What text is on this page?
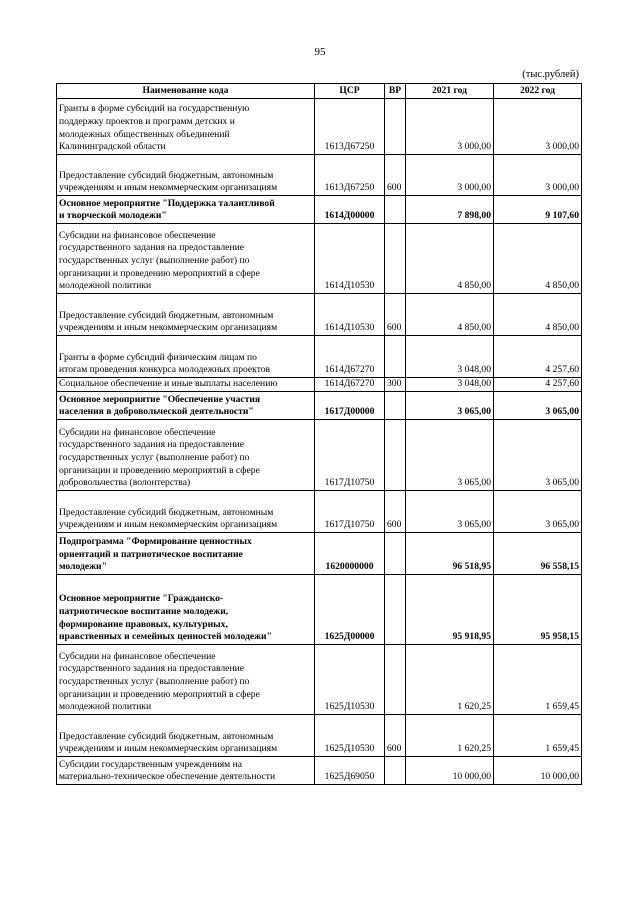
95
(тыс.рублей)
Наименование кода	ЦСР	ВР	2021 год	2022 год

Гранты в форме субсидий на государственную
поддержку проектов и программ детских и
молодежных общественных объединений
Калининградской области	1613Д67250		3 000,00	3 000,00

Предоставление субсидий бюджетным, автономным
учреждениям и иным некоммерческим организациям	1613Д67250	600	3 000,00	3 000,00

Основное мероприятие "Поддержка талантливой
и творческой молодежи"	1614Д00000		7 898,00	9 107,60

Субсидии на финансовое обеспечение
государственного задания на предоставление
государственных услуг (выполнение работ) по
организации и проведению мероприятий в сфере
молодежной политики	1614Д10530		4 850,00	4 850,00

Предоставление субсидий бюджетным, автономным
учреждениям и иным некоммерческим организациям	1614Д10530	600	4 850,00	4 850,00

Гранты в форме субсидий физическим лицам по
итогам проведения конкурса молодежных проектов	1614Д67270		3 048,00	4 257,60

Социальное обеспечение и иные выплаты населению	1614Д67270	300	3 048,00	4 257,60

Основное мероприятие "Обеспечение участия
населения в добровольческой деятельности"	1617Д00000		3 065,00	3 065,00

Субсидии на финансовое обеспечение
государственного задания на предоставление
государственных услуг (выполнение работ) по
организации и проведению мероприятий в сфере
добровольчества (волонтерства)	1617Д10750		3 065,00	3 065,00

Предоставление субсидий бюджетным, автономным
учреждениям и иным некоммерческим организациям	1617Д10750	600	3 065,00	3 065,00

Подпрограмма "Формирование ценностных
ориентаций и патриотическое воспитание
молодежи"	1620000000		96 518,95	96 558,15

Основное мероприятие "Гражданско-
патриотическое воспитание молодежи,
формирование правовых, культурных,
нравственных и семейных ценностей молодежи"	1625Д00000		95 918,95	95 958,15

Субсидии на финансовое обеспечение
государственного задания на предоставление
государственных услуг (выполнение работ) по
организации и проведению мероприятий в сфере
молодежной политики	1625Д10530		1 620,25	1 659,45

Предоставление субсидий бюджетным, автономным
учреждениям и иным некоммерческим организациям	1625Д10530	600	1 620,25	1 659,45

Субсидии государственным учреждениям на
материально-техническое обеспечение деятельности	1625Д69050		10 000,00	10 000,00
